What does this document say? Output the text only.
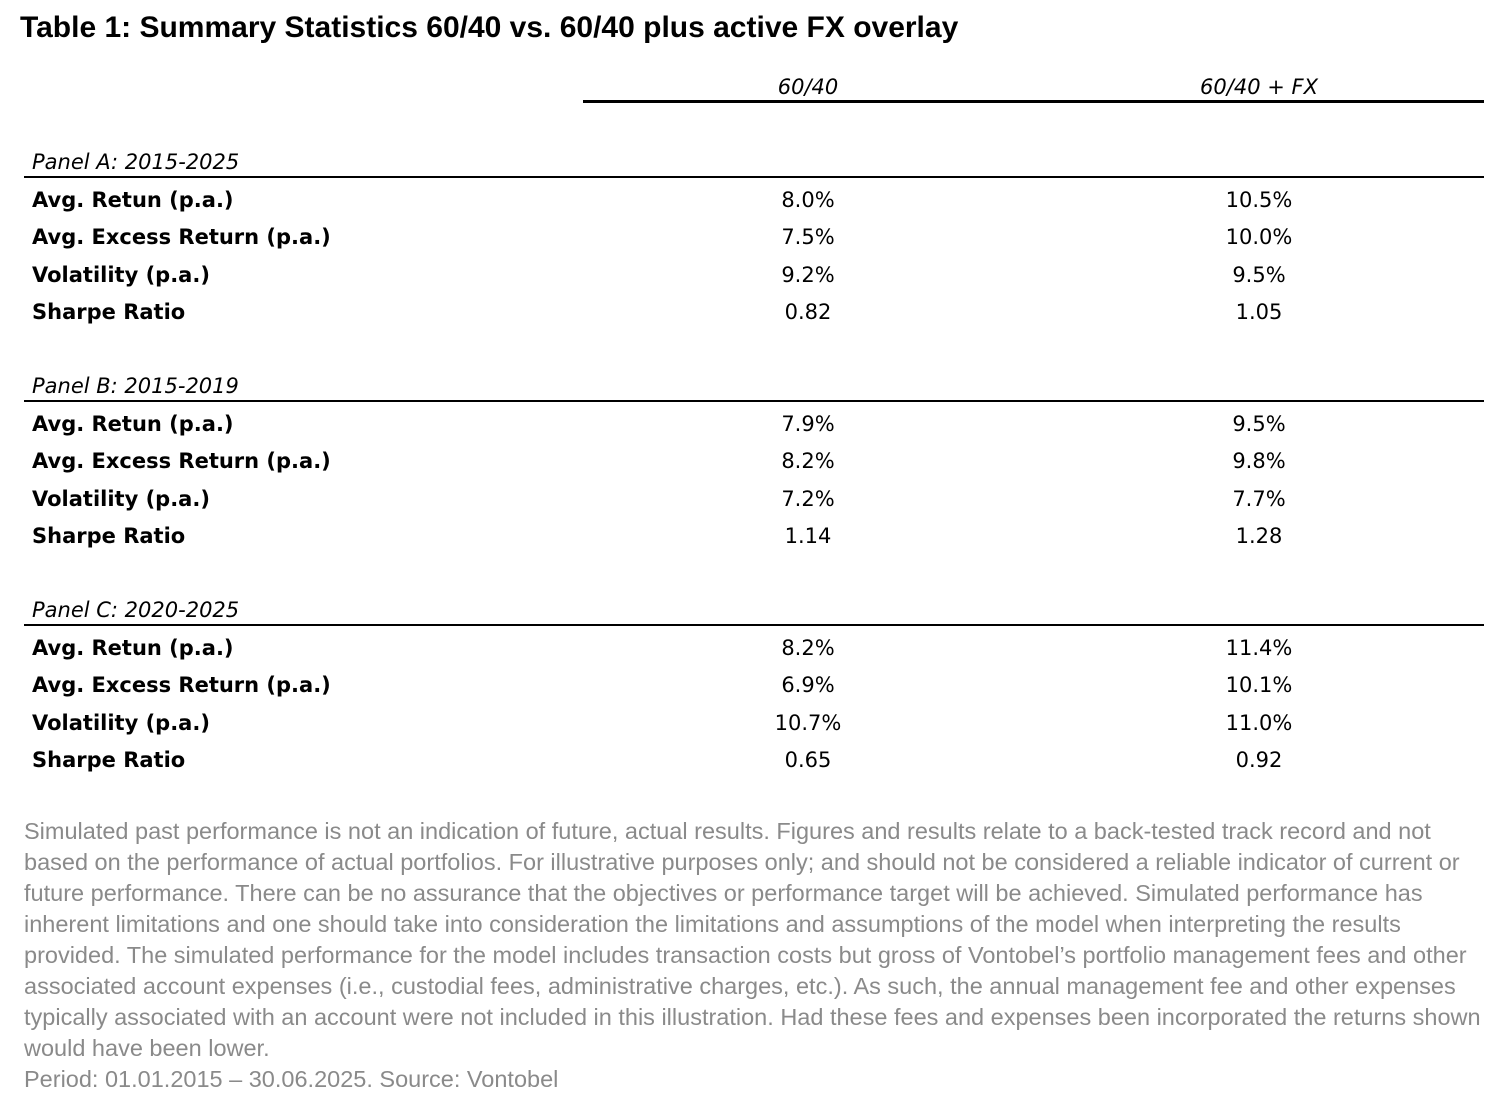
Table 1: Summary Statistics 60/40 vs. 60/40 plus active FX overlay
60/40	60/40 + FX
Panel A: 2015-2025
Avg. Retun (p.a.)	8.0%	10.5%
Avg. Excess Return (p.a.)	7.5%	10.0%
Volatility (p.a.)	9.2%	9.5%
Sharpe Ratio	0.82	1.05
Panel B: 2015-2019
Avg. Retun (p.a.)	7.9%	9.5%
Avg. Excess Return (p.a.)	8.2%	9.8%
Volatility (p.a.)	7.2%	7.7%
Sharpe Ratio	1.14	1.28
Panel C: 2020-2025
Avg. Retun (p.a.)	8.2%	11.4%
Avg. Excess Return (p.a.)	6.9%	10.1%
Volatility (p.a.)	10.7%	11.0%
Sharpe Ratio	0.65	0.92

Simulated past performance is not an indication of future, actual results. Figures and results relate to a back-tested track record and not based on the performance of actual portfolios. For illustrative purposes only; and should not be considered a reliable indicator of current or future performance. There can be no assurance that the objectives or performance target will be achieved. Simulated performance has inherent limitations and one should take into consideration the limitations and assumptions of the model when interpreting the results provided. The simulated performance for the model includes transaction costs but gross of Vontobel’s portfolio management fees and other associated account expenses (i.e., custodial fees, administrative charges, etc.). As such, the annual management fee and other expenses typically associated with an account were not included in this illustration. Had these fees and expenses been incorporated the returns shown would have been lower.

Period: 01.01.2015 – 30.06.2025. Source: Vontobel
